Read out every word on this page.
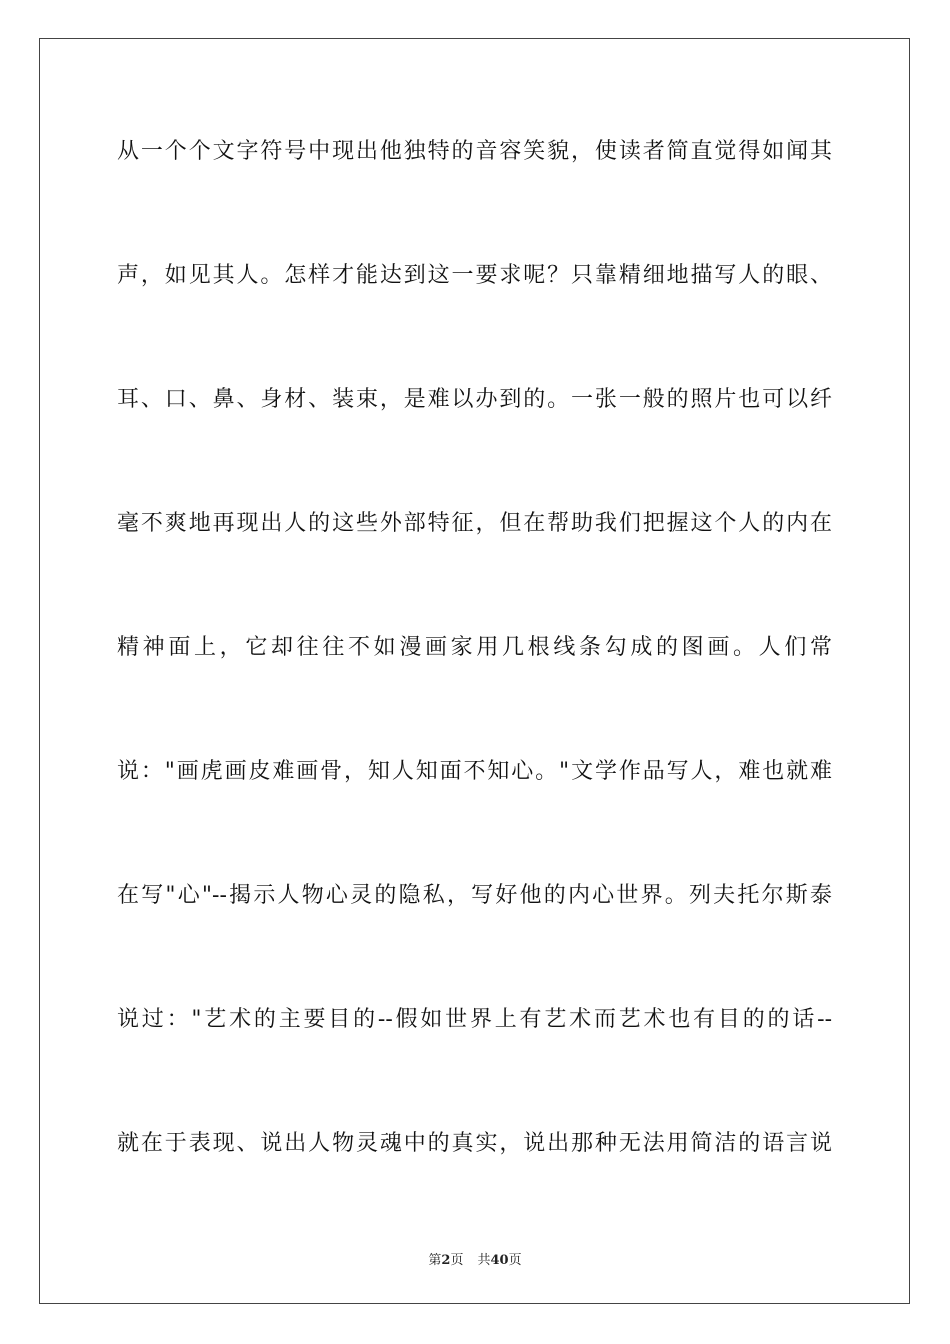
从一个个文字符号中现出他独特的音容笑貌，使读者简直觉得如闻其
声，如见其人。怎样才能达到这一要求呢？只靠精细地描写人的眼、
耳、口、鼻、身材、装束，是难以办到的。一张一般的照片也可以纤
毫不爽地再现出人的这些外部特征，但在帮助我们把握这个人的内在
精神面上，它却往往不如漫画家用几根线条勾成的图画。人们常
说："画虎画皮难画骨，知人知面不知心。"文学作品写人，难也就难
在写"心"--揭示人物心灵的隐私，写好他的内心世界。列夫托尔斯泰
说过："艺术的主要目的--假如世界上有艺术而艺术也有目的的话--
就在于表现、说出人物灵魂中的真实，说出那种无法用简洁的语言说
第2页 共40页
